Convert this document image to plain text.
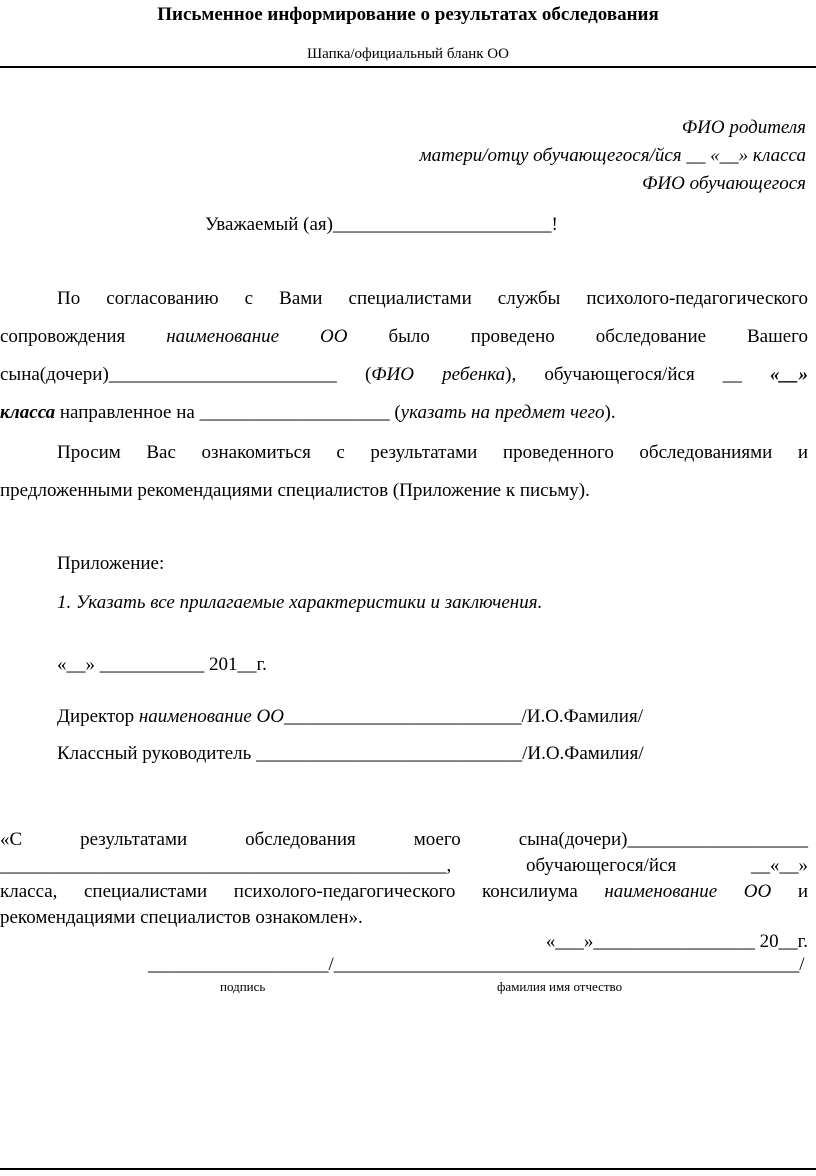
Письменное информирование о результатах обследования
Шапка/официальный бланк ОО
ФИО родителя
матери/отцу обучающегося/йся __ «__» класса
ФИО обучающегося
Уважаемый (ая)_______________________!
По согласованию с Вами специалистами службы психолого-педагогического
сопровождения наименование ОО было проведено обследование Вашего
сына(дочери)________________________ (ФИО ребенка), обучающегося/йся __ «__»
класса направленное на ____________________ (указать на предмет чего).
Просим Вас ознакомиться с результатами проведенного обследованиями и
предложенными рекомендациями специалистов (Приложение к письму).
Приложение:
1. Указать все прилагаемые характеристики и заключения.
«__» ___________ 201__г.
Директор наименование ОО_________________________/И.О.Фамилия/
Классный руководитель ____________________________/И.О.Фамилия/
«С результатами обследования моего сына(дочери)___________________
_______________________________________________,	обучающегося/йся __«__»
класса, специалистами психолого-педагогического консилиума наименование ОО и
рекомендациями специалистов ознакомлен».
«___»_________________ 20__г.
___________________/_________________________________________________/
подпись	фамилия имя отчество
